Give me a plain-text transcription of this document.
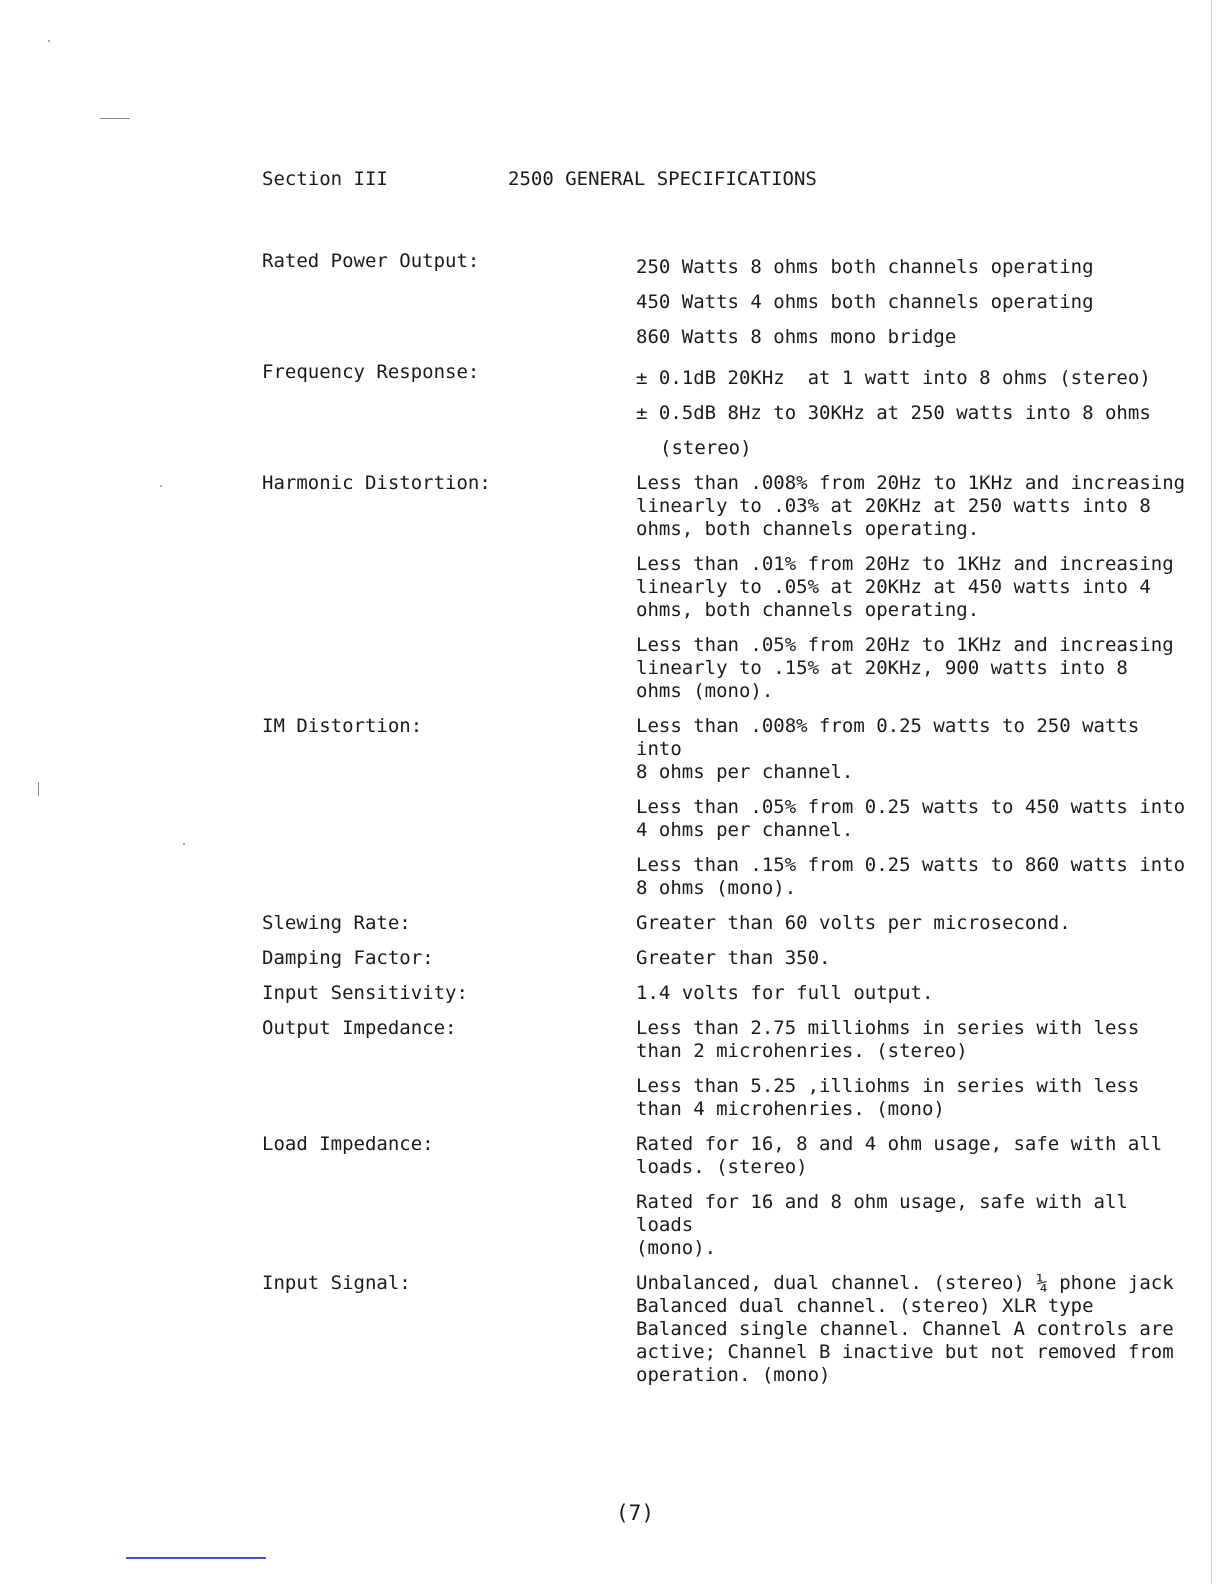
Section III	2500 GENERAL SPECIFICATIONS
Rated Power Output:	250 Watts 8 ohms both channels operating
450 Watts 4 ohms both channels operating
860 Watts 8 ohms mono bridge
Frequency Response:	± 0.1dB 20KHz  at 1 watt into 8 ohms (stereo)
± 0.5dB 8Hz to 30KHz at 250 watts into 8 ohms
(stereo)
Harmonic Distortion:	Less than .008% from 20Hz to 1KHz and increasing
linearly to .03% at 20KHz at 250 watts into 8
ohms, both channels operating.
Less than .01% from 20Hz to 1KHz and increasing
linearly to .05% at 20KHz at 450 watts into 4
ohms, both channels operating.
Less than .05% from 20Hz to 1KHz and increasing
linearly to .15% at 20KHz, 900 watts into 8
ohms (mono).
IM Distortion:	Less than .008% from 0.25 watts to 250 watts into
8 ohms per channel.
Less than .05% from 0.25 watts to 450 watts into
4 ohms per channel.
Less than .15% from 0.25 watts to 860 watts into
8 ohms (mono).
Slewing Rate:	Greater than 60 volts per microsecond.
Damping Factor:	Greater than 350.
Input Sensitivity:	1.4 volts for full output.
Output Impedance:	Less than 2.75 milliohms in series with less
than 2 microhenries. (stereo)
Less than 5.25 ,illiohms in series with less
than 4 microhenries. (mono)
Load Impedance:	Rated for 16, 8 and 4 ohm usage, safe with all
loads. (stereo)
Rated for 16 and 8 ohm usage, safe with all loads
(mono).
Input Signal:	Unbalanced, dual channel. (stereo) ¼ phone jack
Balanced dual channel. (stereo) XLR type
Balanced single channel. Channel A controls are
active; Channel B inactive but not removed from
operation. (mono)
(7)
